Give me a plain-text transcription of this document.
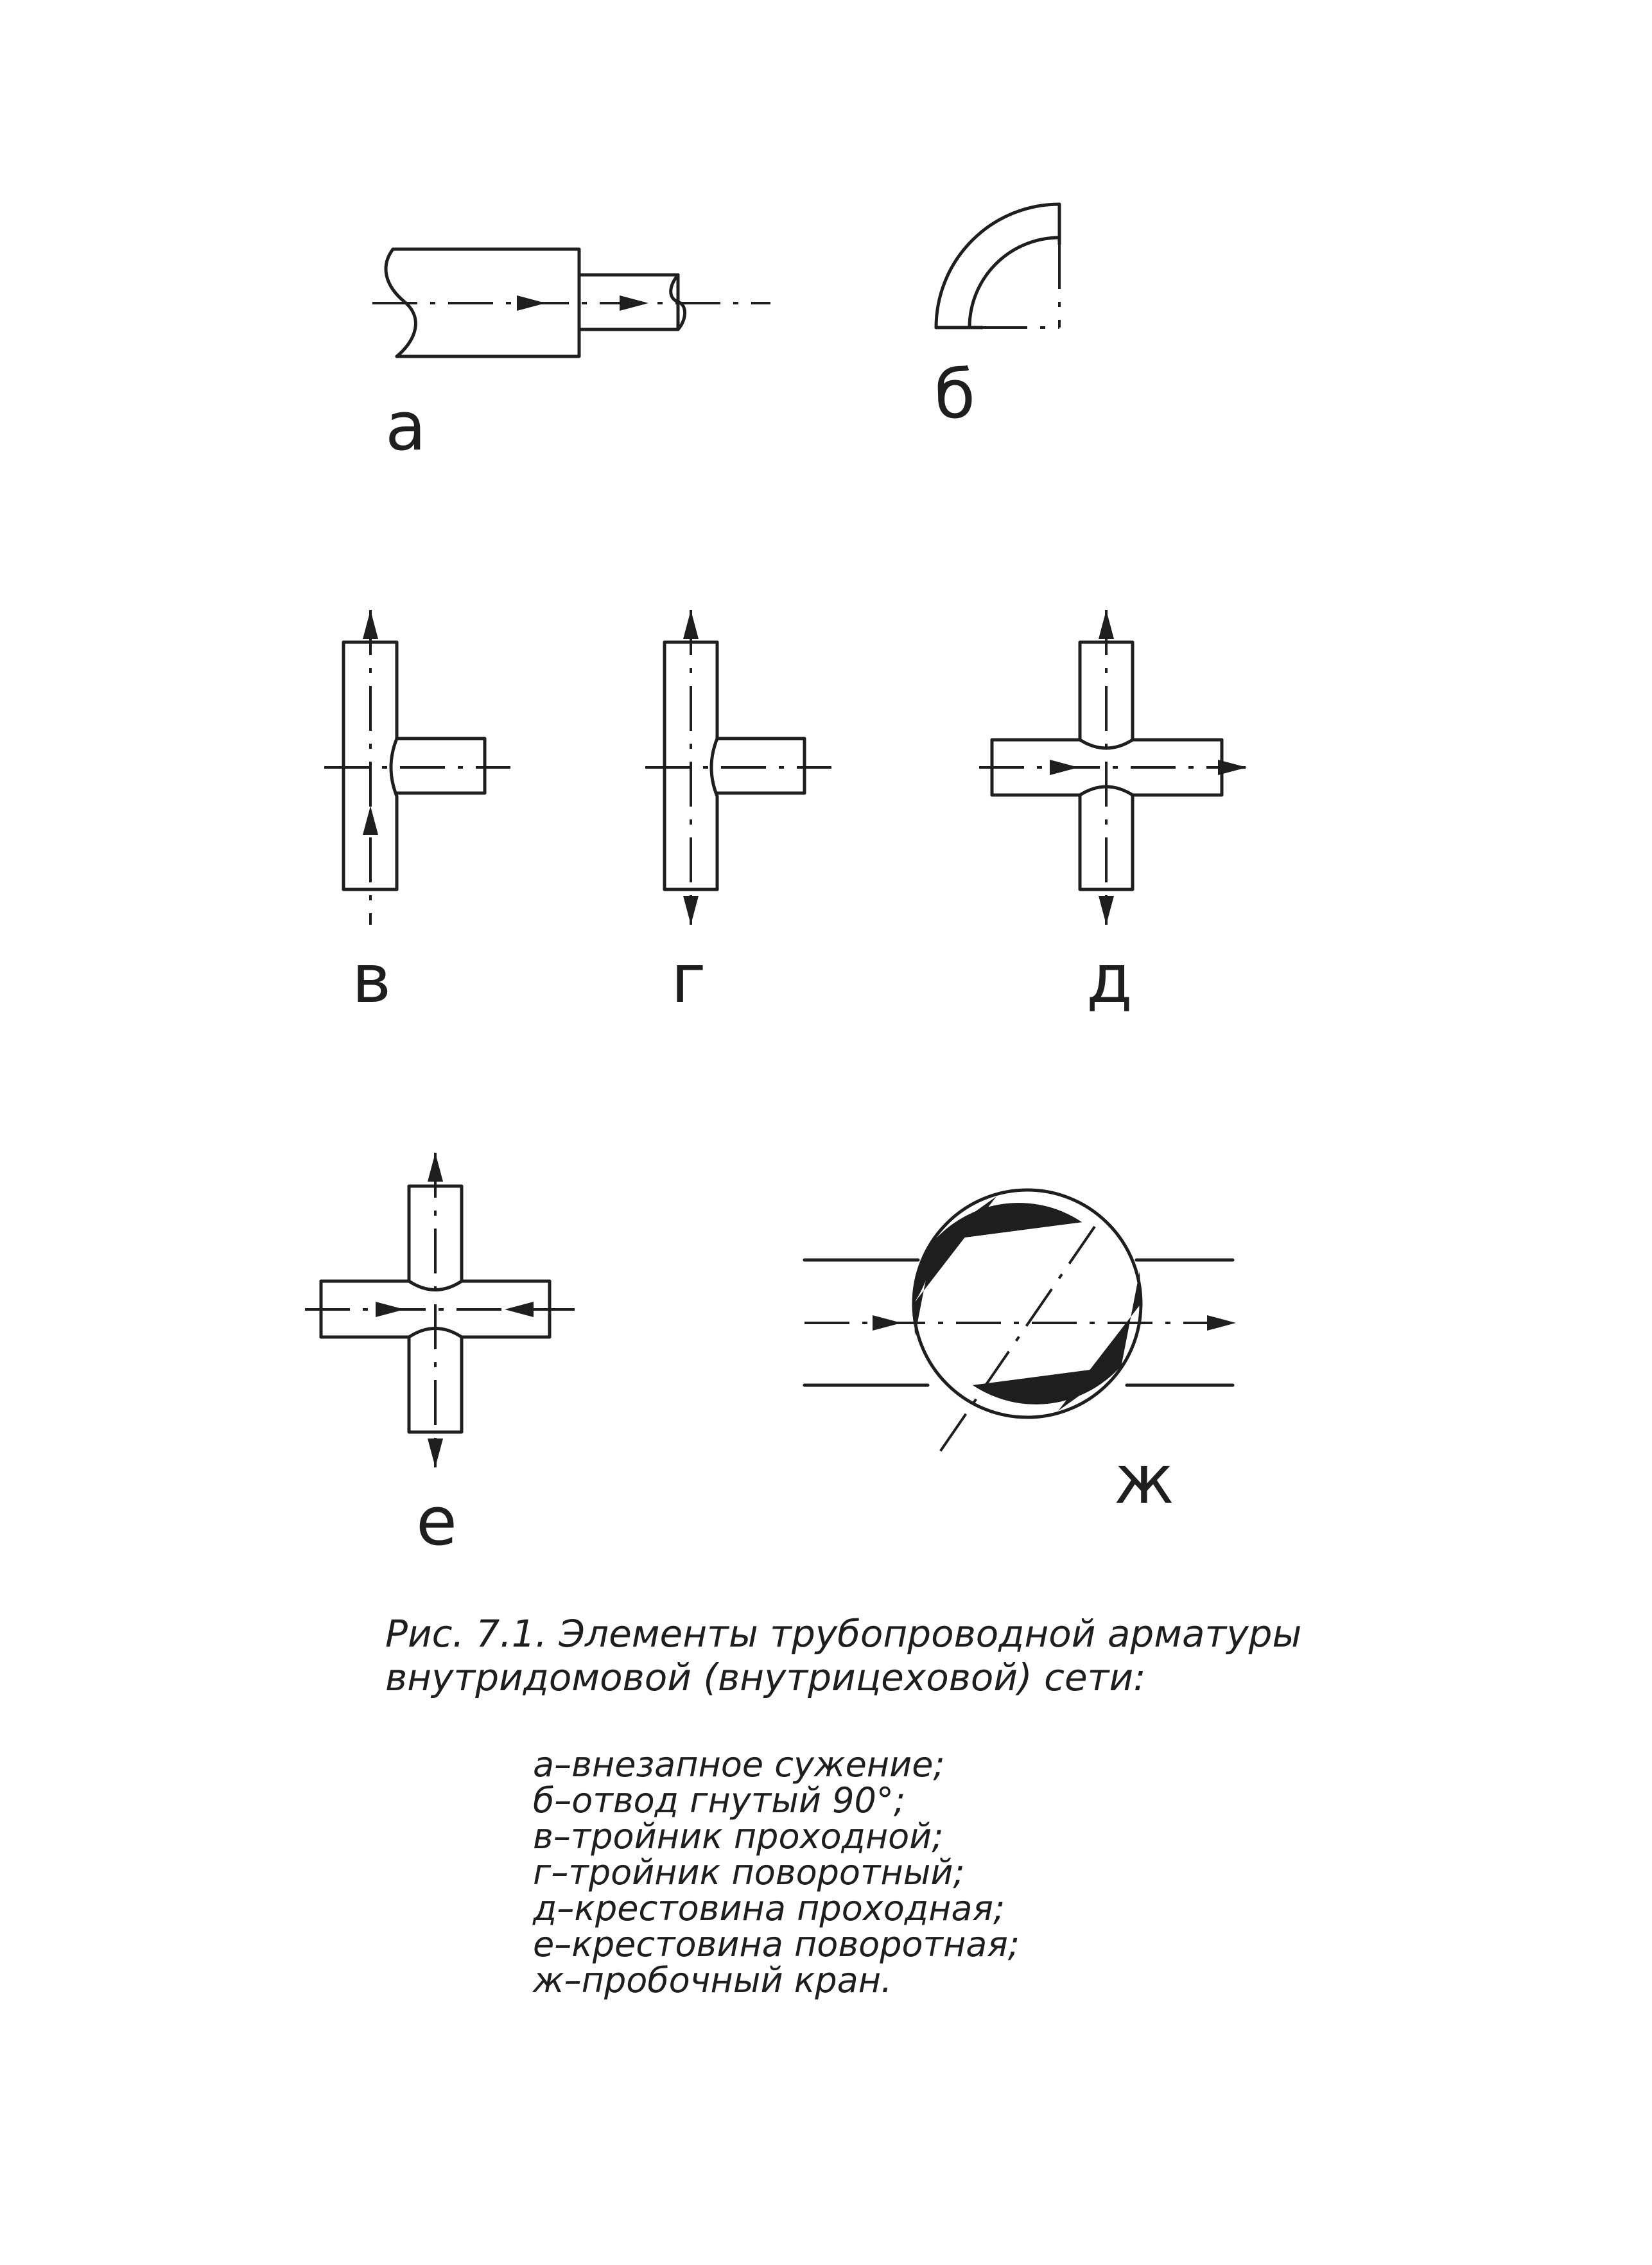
а	б
в	г	д
е
ж

Рис. 7.1. Элементы трубопроводной арматуры внутридомовой (внутрицеховой) сети:

а–внезапное сужение;
б–отвод гнутый 90°;
в–тройник проходной;
г–тройник поворотный;
д–крестовина проходная;
е–крестовина поворотная;
ж–пробочный кран.
